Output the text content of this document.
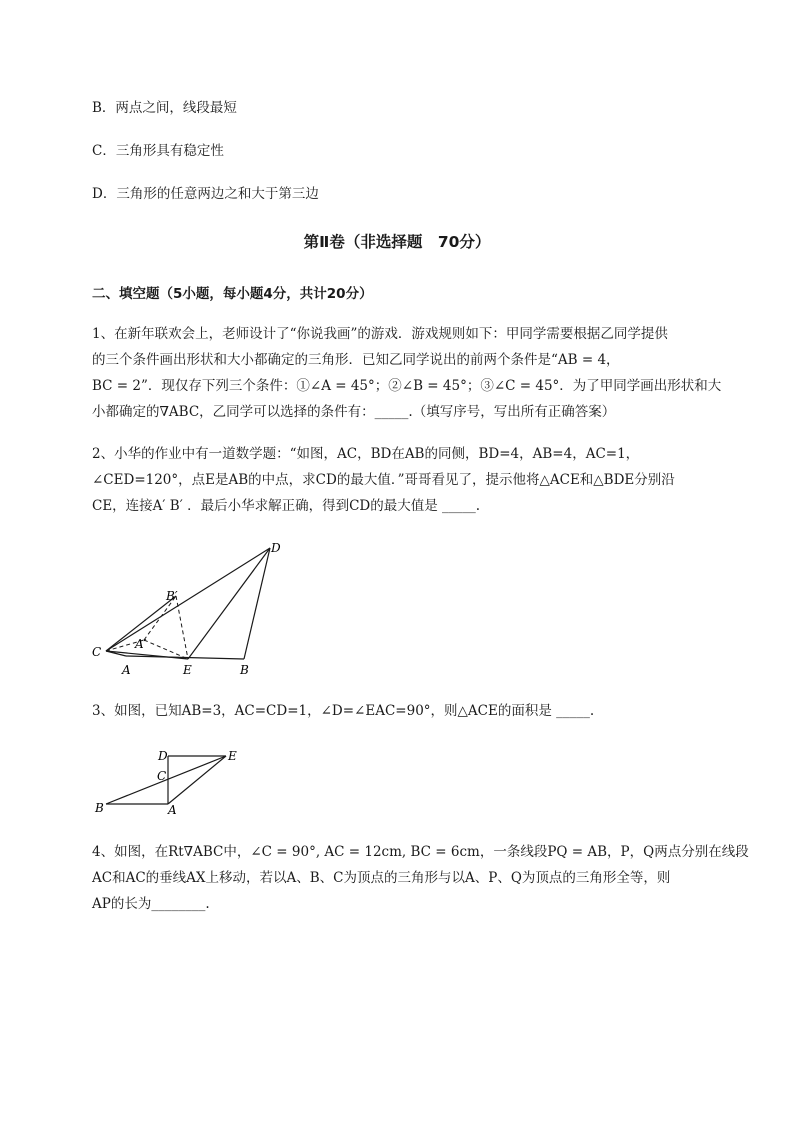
B．两点之间，线段最短
C．三角形具有稳定性
D．三角形的任意两边之和大于第三边
第Ⅱ卷（非选择题　70分）
二、填空题（5小题，每小题4分，共计20分）
1、在新年联欢会上，老师设计了“你说我画”的游戏．游戏规则如下：甲同学需要根据乙同学提供
的三个条件画出形状和大小都确定的三角形．已知乙同学说出的前两个条件是“AB = 4，
BC = 2”．现仅存下列三个条件：①∠A = 45°；②∠B = 45°；③∠C = 45°．为了甲同学画出形状和大
小都确定的∇ABC，乙同学可以选择的条件有：_____.（填写序号，写出所有正确答案）
2、小华的作业中有一道数学题：“如图，AC，BD在AB的同侧，BD=4，AB=4，AC=1，
∠CED=120°，点E是AB的中点，求CD的最大值．”哥哥看见了，提示他将△ACE和△BDE分别沿
CE，连接A′ B′ ．最后小华求解正确，得到CD的最大值是 _____.
D
B′
A′
C
A	E	B
3、如图，已知AB=3，AC=CD=1，∠D=∠EAC=90°，则△ACE的面积是 _____.
D	E
C
B	A
4、如图，在Rt∇ABC中，∠C = 90°, AC = 12cm, BC = 6cm，一条线段PQ = AB，P，Q两点分别在线段
AC和AC的垂线AX上移动，若以A、B、C为顶点的三角形与以A、P、Q为顶点的三角形全等，则
AP的长为________.
